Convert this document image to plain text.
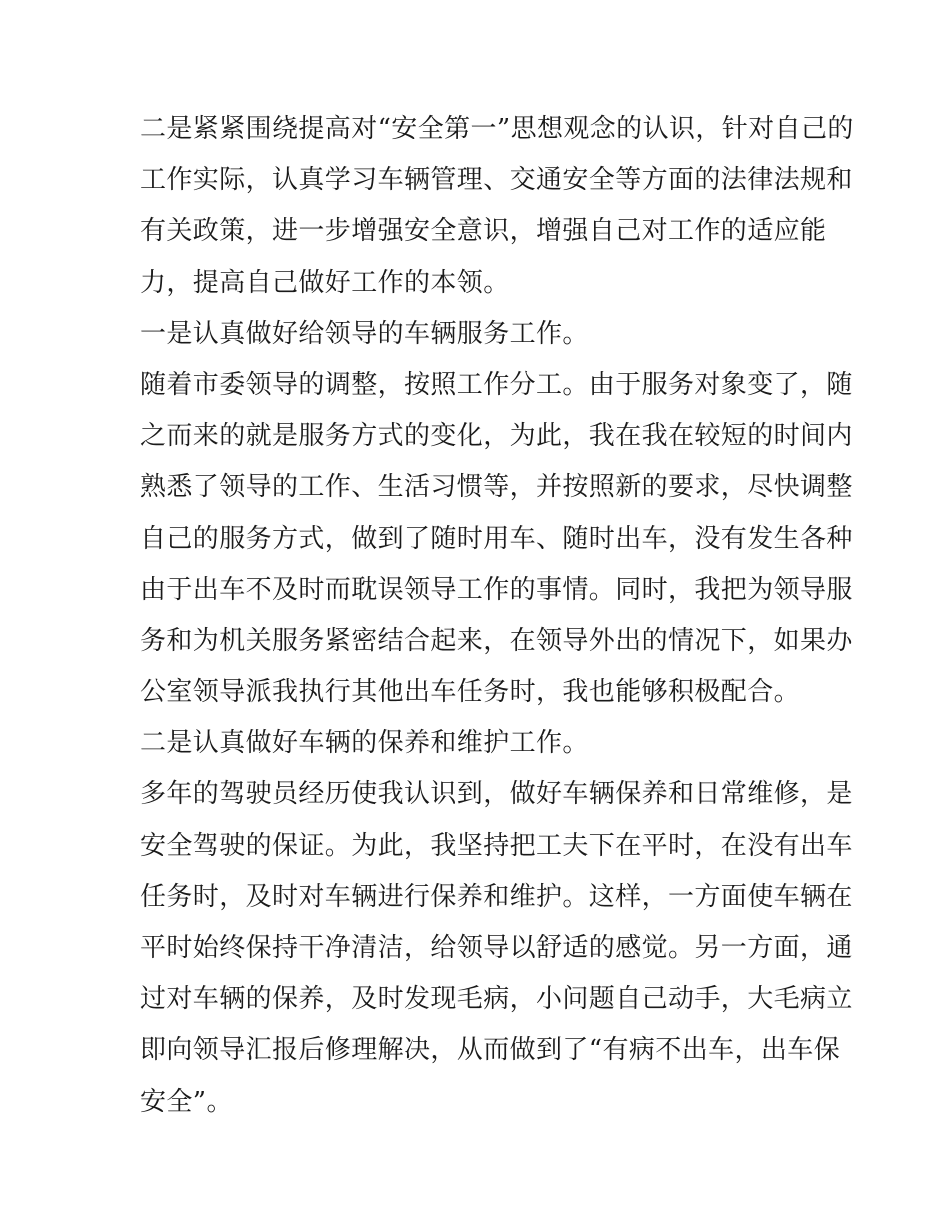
二是紧紧围绕提高对“安全第一”思想观念的认识，针对自己的
工作实际，认真学习车辆管理、交通安全等方面的法律法规和
有关政策，进一步增强安全意识，增强自己对工作的适应能
力，提高自己做好工作的本领。
一是认真做好给领导的车辆服务工作。
随着市委领导的调整，按照工作分工。由于服务对象变了，随
之而来的就是服务方式的变化，为此，我在我在较短的时间内
熟悉了领导的工作、生活习惯等，并按照新的要求，尽快调整
自己的服务方式，做到了随时用车、随时出车，没有发生各种
由于出车不及时而耽误领导工作的事情。同时，我把为领导服
务和为机关服务紧密结合起来，在领导外出的情况下，如果办
公室领导派我执行其他出车任务时，我也能够积极配合。
二是认真做好车辆的保养和维护工作。
多年的驾驶员经历使我认识到，做好车辆保养和日常维修，是
安全驾驶的保证。为此，我坚持把工夫下在平时，在没有出车
任务时，及时对车辆进行保养和维护。这样，一方面使车辆在
平时始终保持干净清洁，给领导以舒适的感觉。另一方面，通
过对车辆的保养，及时发现毛病，小问题自己动手，大毛病立
即向领导汇报后修理解决，从而做到了“有病不出车，出车保
安全”。
